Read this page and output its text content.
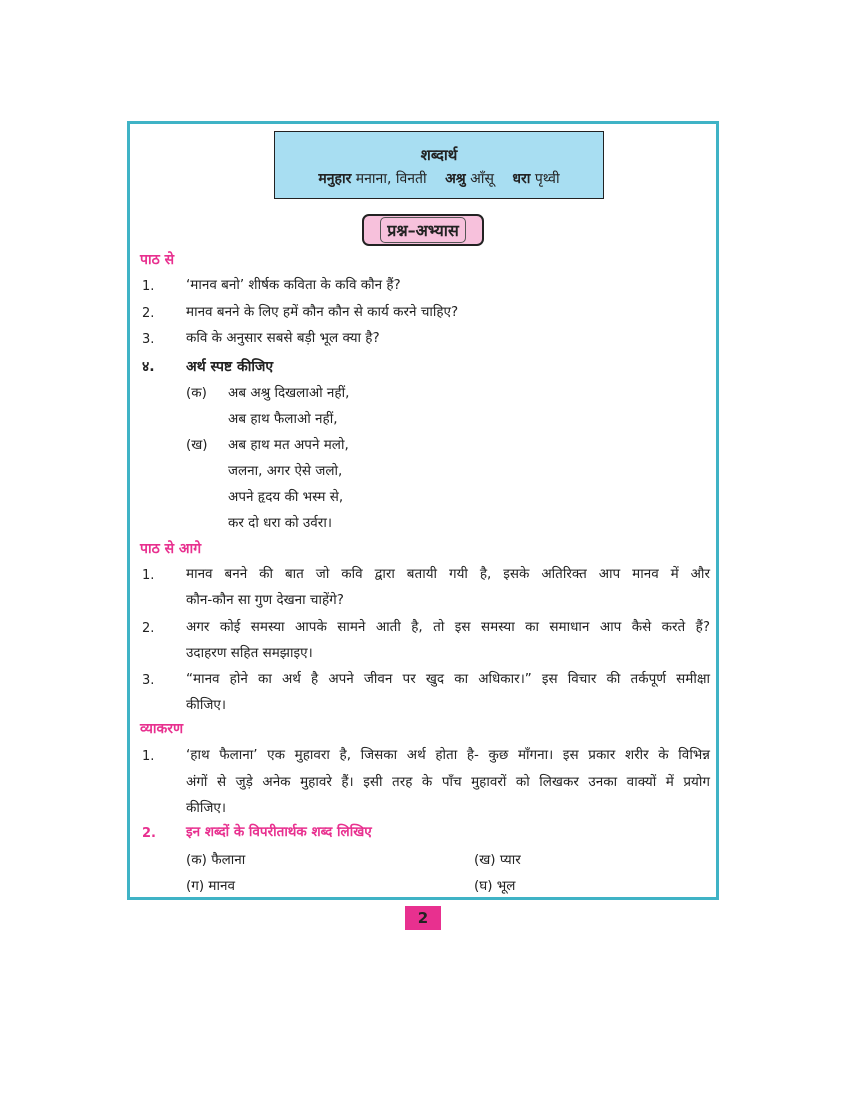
शब्दार्थ
मनुहार मनाना, विनती अश्रु आँसू धरा पृथ्वी
प्रश्न–अभ्यास
पाठ से
1. ‘मानव बनो’ शीर्षक कविता के कवि कौन हैं?
2. मानव बनने के लिए हमें कौन कौन से कार्य करने चाहिए?
3. कवि के अनुसार सबसे बड़ी भूल क्या है?
४. अर्थ स्पष्ट कीजिए
(क) अब अश्रु दिखलाओ नहीं,
अब हाथ फैलाओ नहीं,
(ख) अब हाथ मत अपने मलो,
जलना, अगर ऐसे जलो,
अपने हृदय की भस्म से,
कर दो धरा को उर्वरा।
पाठ से आगे
1. मानव बनने की बात जो कवि द्वारा बतायी गयी है, इसके अतिरिक्त आप मानव में और
कौन-कौन सा गुण देखना चाहेंगे?
2. अगर कोई समस्या आपके सामने आती है, तो इस समस्या का समाधान आप कैसे करते हैं?
उदाहरण सहित समझाइए।
3. “मानव होने का अर्थ है अपने जीवन पर खुद का अधिकार।” इस विचार की तर्कपूर्ण समीक्षा
कीजिए।
व्याकरण
1. ‘हाथ फैलाना’ एक मुहावरा है, जिसका अर्थ होता है- कुछ माँगना। इस प्रकार शरीर के विभिन्न
अंगों से जुड़े अनेक मुहावरे हैं। इसी तरह के पाँच मुहावरों को लिखकर उनका वाक्यों में प्रयोग
कीजिए।
2. इन शब्दों के विपरीतार्थक शब्द लिखिए
(क) फैलाना	(ख) प्यार
(ग) मानव	(घ) भूल
2
